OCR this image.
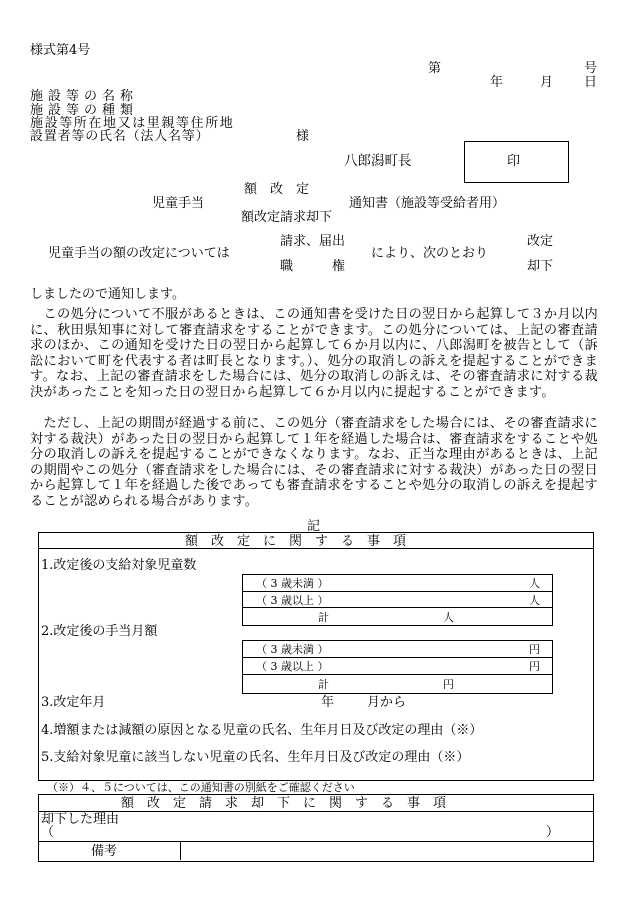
様式第4号
第	号
年	月 日
施設等の名称
施設等の種類
施設等所在地又は里親等住所地
設置者等の氏名（法人名等）	様
八郎潟町長	印
額　改　定
児童手当	通知書（施設等受給者用）
額改定請求却下
請求、届出	改定
児童手当の額の改定については	により、次のとおり
職　　　権	却下
しましたので通知します。
　この処分について不服があるときは、この通知書を受けた日の翌日から起算して３か月以内に、秋田県知事に対して審査請求をすることができます。この処分については、上記の審査請求のほか、この通知を受けた日の翌日から起算して６か月以内に、八郎潟町を被告として（訴訟において町を代表する者は町長となります。）、処分の取消しの訴えを提起することができます。なお、上記の審査請求をした場合には、処分の取消しの訴えは、その審査請求に対する裁決があったことを知った日の翌日から起算して６か月以内に提起することができます。
　ただし、上記の期間が経過する前に、この処分（審査請求をした場合には、その審査請求に対する裁決）があった日の翌日から起算して１年を経過した場合は、審査請求をすることや処分の取消しの訴えを提起することができなくなります。なお、正当な理由があるときは、上記の期間やこの処分（審査請求をした場合には、その審査請求に対する裁決）があった日の翌日から起算して１年を経過した後であっても審査請求をすることや処分の取消しの訴えを提起することが認められる場合があります。
記
額　改　定　に　関　す　る　事　項
1.改定後の支給対象児童数
（ 3 歳未満 ）	人
（ 3 歳以上 ）	人
計	人
2.改定後の手当月額
（ 3 歳未満 ）	円
（ 3 歳以上 ）	円
計	円
3.改定年月	年	月から
4.増額または減額の原因となる児童の氏名、生年月日及び改定の理由（※）
5.支給対象児童に該当しない児童の氏名、生年月日及び改定の理由（※）
（※）４、５については、この通知書の別紙をご確認ください
額　改　定　請　求　却　下　に　関　す　る　事　項
却下した理由
（	）
備考
